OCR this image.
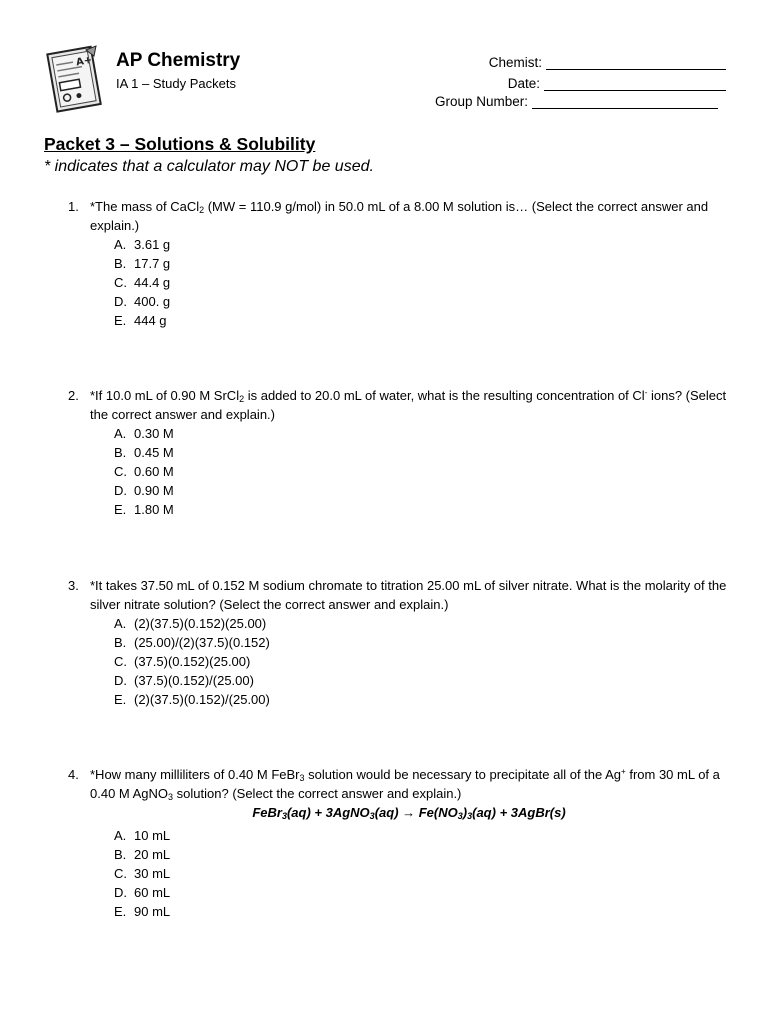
A+ AP Chemistry
IA 1 – Study Packets
Chemist:
Date:
Group Number:
Packet 3 – Solutions & Solubility
* indicates that a calculator may NOT be used.
1. *The mass of CaCl$_2$ (MW = 110.9 g/mol) in 50.0 mL of a 8.00 M solution is… (Select the correct answer and explain.)
A. 3.61 g
B. 17.7 g
C. 44.4 g
D. 400. g
E. 444 g
2. *If 10.0 mL of 0.90 M SrCl$_2$ is added to 20.0 mL of water, what is the resulting concentration of Cl- ions? (Select the correct answer and explain.)
A. 0.30 M
B. 0.45 M
C. 0.60 M
D. 0.90 M
E. 1.80 M
3. *It takes 37.50 mL of 0.152 M sodium chromate to titration 25.00 mL of silver nitrate. What is the molarity of the silver nitrate solution? (Select the correct answer and explain.)
A. (2)(37.5)(0.152)(25.00)
B. (25.00)/(2)(37.5)(0.152)
C. (37.5)(0.152)(25.00)
D. (37.5)(0.152)/(25.00)
E. (2)(37.5)(0.152)/(25.00)
4. *How many milliliters of 0.40 M FeBr$_3$ solution would be necessary to precipitate all of the Ag+ from 30 mL of a 0.40 M AgNO$_3$ solution? (Select the correct answer and explain.)
FeBr$_3$(aq) + 3AgNO$_3$(aq) → $Fe(NO_3)_3(aq)$ + 3AgBr(s)
A. 10 mL
B. 20 mL
C. 30 mL
D. 60 mL
E. 90 mL
